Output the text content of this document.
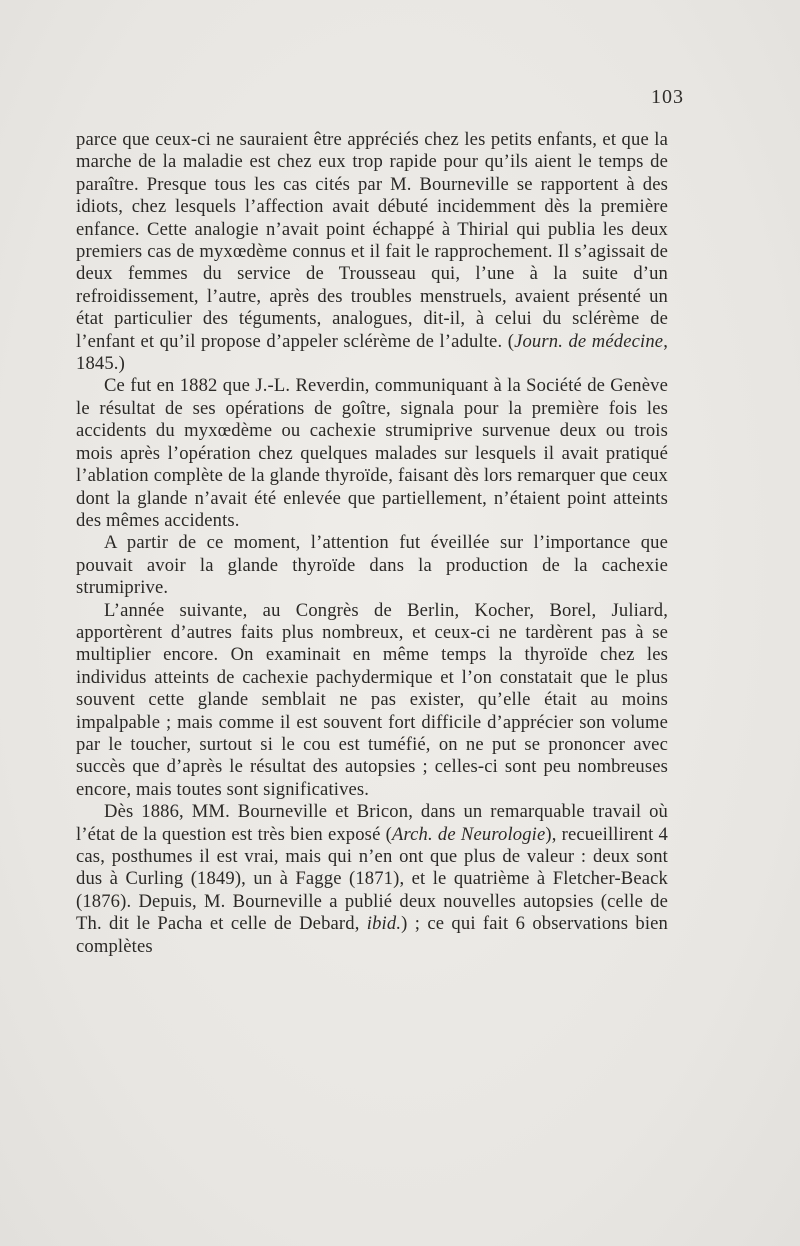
103

parce que ceux-ci ne sauraient être appréciés chez les petits enfants, et que la marche de la maladie est chez eux trop rapide pour qu’ils aient le temps de paraître. Presque tous les cas cités par M. Bourneville se rapportent à des idiots, chez lesquels l’affection avait débuté incidemment dès la première enfance. Cette analogie n’avait point échappé à Thirial qui publia les deux premiers cas de myxœdème connus et il fait le rapprochement. Il s’agissait de deux femmes du service de Trousseau qui, l’une à la suite d’un refroidissement, l’autre, après des troubles menstruels, avaient présenté un état particulier des téguments, analogues, dit-il, à celui du sclérème de l’enfant et qu’il propose d’appeler sclérème de l’adulte. (Journ. de médecine, 1845.)

Ce fut en 1882 que J.-L. Reverdin, communiquant à la Société de Genève le résultat de ses opérations de goître, signala pour la première fois les accidents du myxœdème ou cachexie strumiprive survenue deux ou trois mois après l’opération chez quelques malades sur lesquels il avait pratiqué l’ablation complète de la glande thyroïde, faisant dès lors remarquer que ceux dont la glande n’avait été enlevée que partiellement, n’étaient point atteints des mêmes accidents.

A partir de ce moment, l’attention fut éveillée sur l’importance que pouvait avoir la glande thyroïde dans la production de la cachexie strumiprive.

L’année suivante, au Congrès de Berlin, Kocher, Borel, Juliard, apportèrent d’autres faits plus nombreux, et ceux-ci ne tardèrent pas à se multiplier encore. On examinait en même temps la thyroïde chez les individus atteints de cachexie pachydermique et l’on constatait que le plus souvent cette glande semblait ne pas exister, qu’elle était au moins impalpable ; mais comme il est souvent fort difficile d’apprécier son volume par le toucher, surtout si le cou est tuméfié, on ne put se prononcer avec succès que d’après le résultat des autopsies ; celles-ci sont peu nombreuses encore, mais toutes sont significatives.

Dès 1886, MM. Bourneville et Bricon, dans un remarquable travail où l’état de la question est très bien exposé (Arch. de Neurologie), recueillirent 4 cas, posthumes il est vrai, mais qui n’en ont que plus de valeur : deux sont dus à Curling (1849), un à Fagge (1871), et le quatrième à Fletcher-Beack (1876). Depuis, M. Bourneville a publié deux nouvelles autopsies (celle de Th. dit le Pacha et celle de Debard, ibid.) ; ce qui fait 6 observations bien complètes
